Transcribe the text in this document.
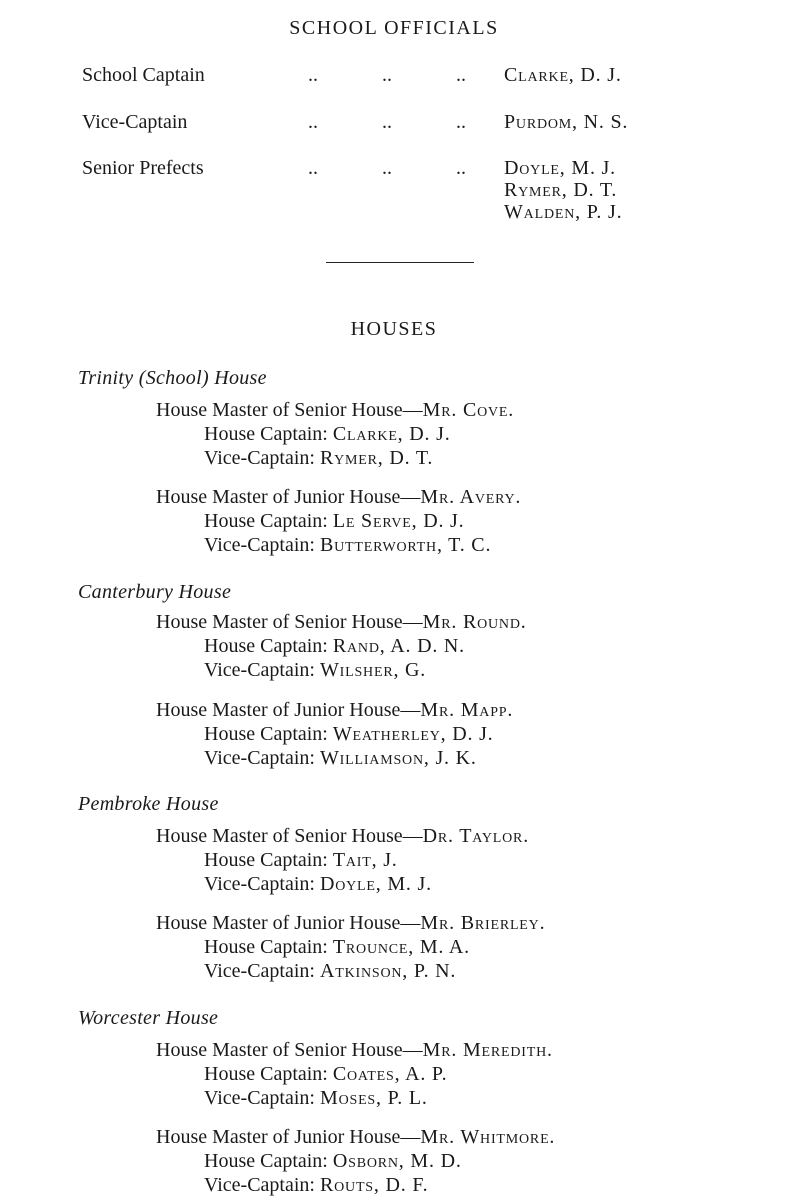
SCHOOL OFFICIALS
School Captain	..	..	.. Clarke, D. J.
Vice-Captain	..	..	.. Purdom, N. S.
Senior Prefects	..	..	.. Doyle, M. J.
Rymer, D. T.
Walden, P. J.
HOUSES
Trinity (School) House
House Master of Senior House—Mr. Cove.
House Captain: Clarke, D. J.
Vice-Captain: Rymer, D. T.
House Master of Junior House—Mr. Avery.
House Captain: Le Serve, D. J.
Vice-Captain: Butterworth, T. C.
Canterbury House
House Master of Senior House—Mr. Round.
House Captain: Rand, A. D. N.
Vice-Captain: Wilsher, G.
House Master of Junior House—Mr. Mapp.
House Captain: Weatherley, D. J.
Vice-Captain: Williamson, J. K.
Pembroke House
House Master of Senior House—Dr. Taylor.
House Captain: Tait, J.
Vice-Captain: Doyle, M. J.
House Master of Junior House—Mr. Brierley.
House Captain: Trounce, M. A.
Vice-Captain: Atkinson, P. N.
Worcester House
House Master of Senior House—Mr. Meredith.
House Captain: Coates, A. P.
Vice-Captain: Moses, P. L.
House Master of Junior House—Mr. Whitmore.
House Captain: Osborn, M. D.
Vice-Captain: Routs, D. F.
